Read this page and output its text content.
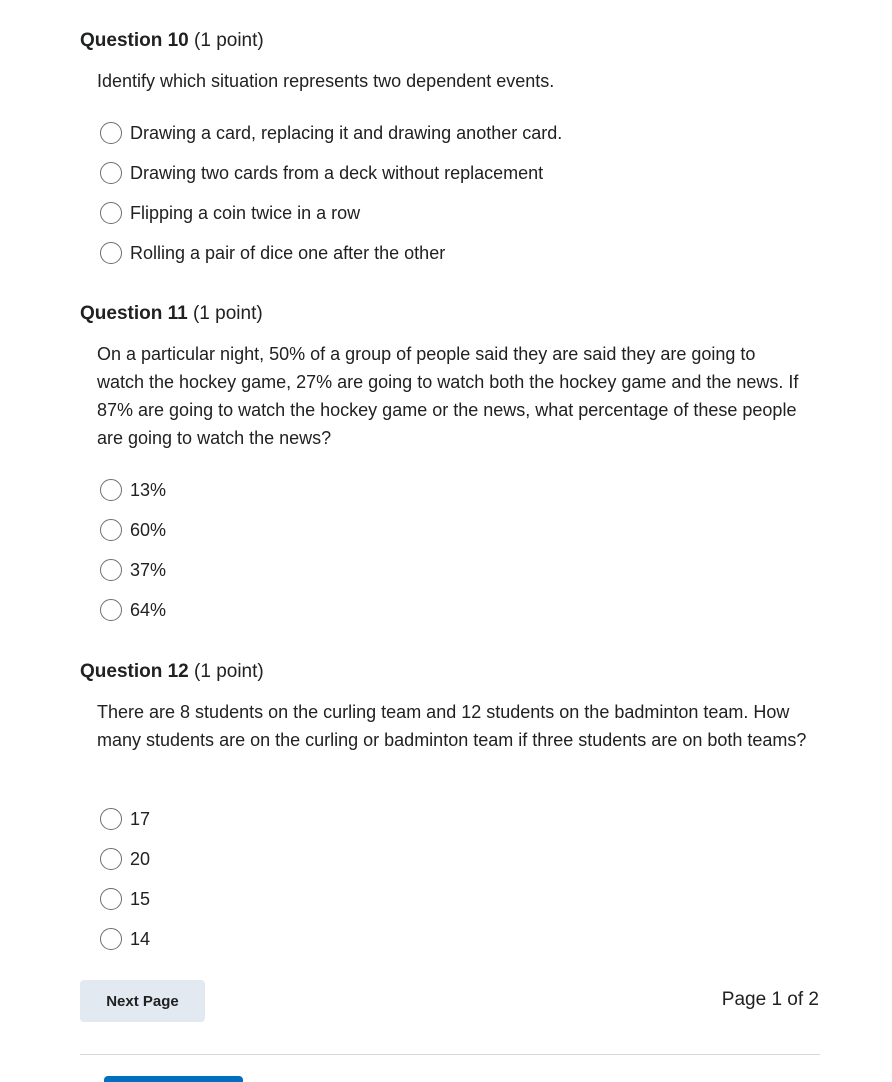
Question 10 (1 point)

Identify which situation represents two dependent events.

Drawing a card, replacing it and drawing another card.
Drawing two cards from a deck without replacement
Flipping a coin twice in a row
Rolling a pair of dice one after the other
Question 11 (1 point)

On a particular night, 50% of a group of people said they are said they are going to watch the hockey game, 27% are going to watch both the hockey game and the news. If 87% are going to watch the hockey game or the news, what percentage of these people are going to watch the news?

13%
60%
37%
64%
Question 12 (1 point)

There are 8 students on the curling team and 12 students on the badminton team. How many students are on the curling or badminton team if three students are on both teams?

17
20
15
14
Next Page	Page 1 of 2
